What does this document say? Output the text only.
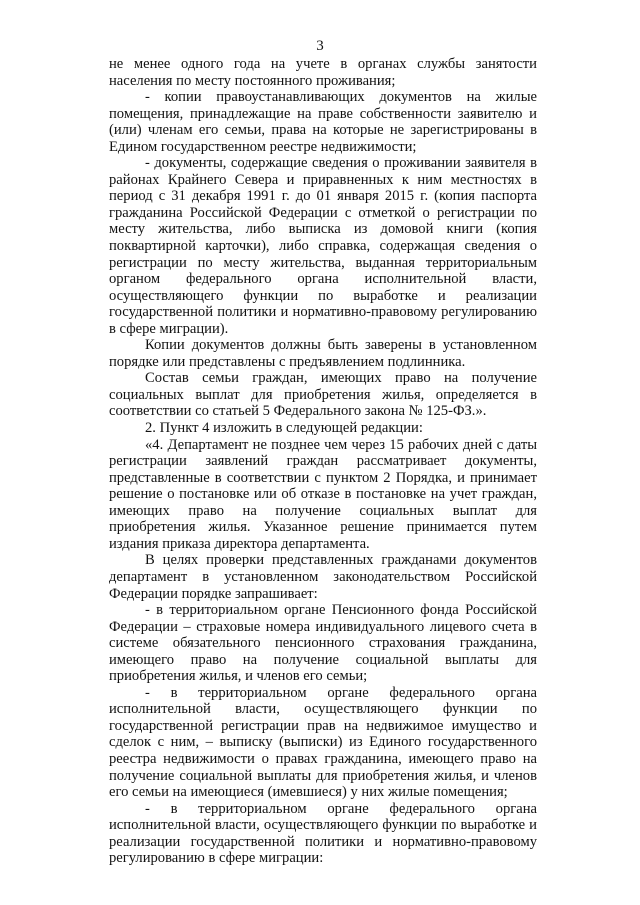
3

не менее одного года на учете в органах службы занятости населения по месту постоянного проживания;

- копии правоустанавливающих документов на жилые помещения, принадлежащие на праве собственности заявителю и (или) членам его семьи, права на которые не зарегистрированы в Едином государственном реестре недвижимости;

- документы, содержащие сведения о проживании заявителя в районах Крайнего Севера и приравненных к ним местностях в период с 31 декабря 1991 г. до 01 января 2015 г. (копия паспорта гражданина Российской Федерации с отметкой о регистрации по месту жительства, либо выписка из домовой книги (копия поквартирной карточки), либо справка, содержащая сведения о регистрации по месту жительства, выданная территориальным органом федерального органа исполнительной власти, осуществляющего функции по выработке и реализации государственной политики и нормативно-правовому регулированию в сфере миграции).

Копии документов должны быть заверены в установленном порядке или представлены с предъявлением подлинника.

Состав семьи граждан, имеющих право на получение социальных выплат для приобретения жилья, определяется в соответствии со статьей 5 Федерального закона № 125-ФЗ.».

2. Пункт 4 изложить в следующей редакции:

«4. Департамент не позднее чем через 15 рабочих дней с даты регистрации заявлений граждан рассматривает документы, представленные в соответствии с пунктом 2 Порядка, и принимает решение о постановке или об отказе в постановке на учет граждан, имеющих право на получение социальных выплат для приобретения жилья. Указанное решение принимается путем издания приказа директора департамента.

В целях проверки представленных гражданами документов департамент в установленном законодательством Российской Федерации порядке запрашивает:

- в территориальном органе Пенсионного фонда Российской Федерации – страховые номера индивидуального лицевого счета в системе обязательного пенсионного страхования гражданина, имеющего право на получение социальной выплаты для приобретения жилья, и членов его семьи;

- в территориальном органе федерального органа исполнительной власти, осуществляющего функции по государственной регистрации прав на недвижимое имущество и сделок с ним, – выписку (выписки) из Единого государственного реестра недвижимости о правах гражданина, имеющего право на получение социальной выплаты для приобретения жилья, и членов его семьи на имеющиеся (имевшиеся) у них жилые помещения;

- в территориальном органе федерального органа исполнительной власти, осуществляющего функции по выработке и реализации государственной политики и нормативно-правовому регулированию в сфере миграции:
